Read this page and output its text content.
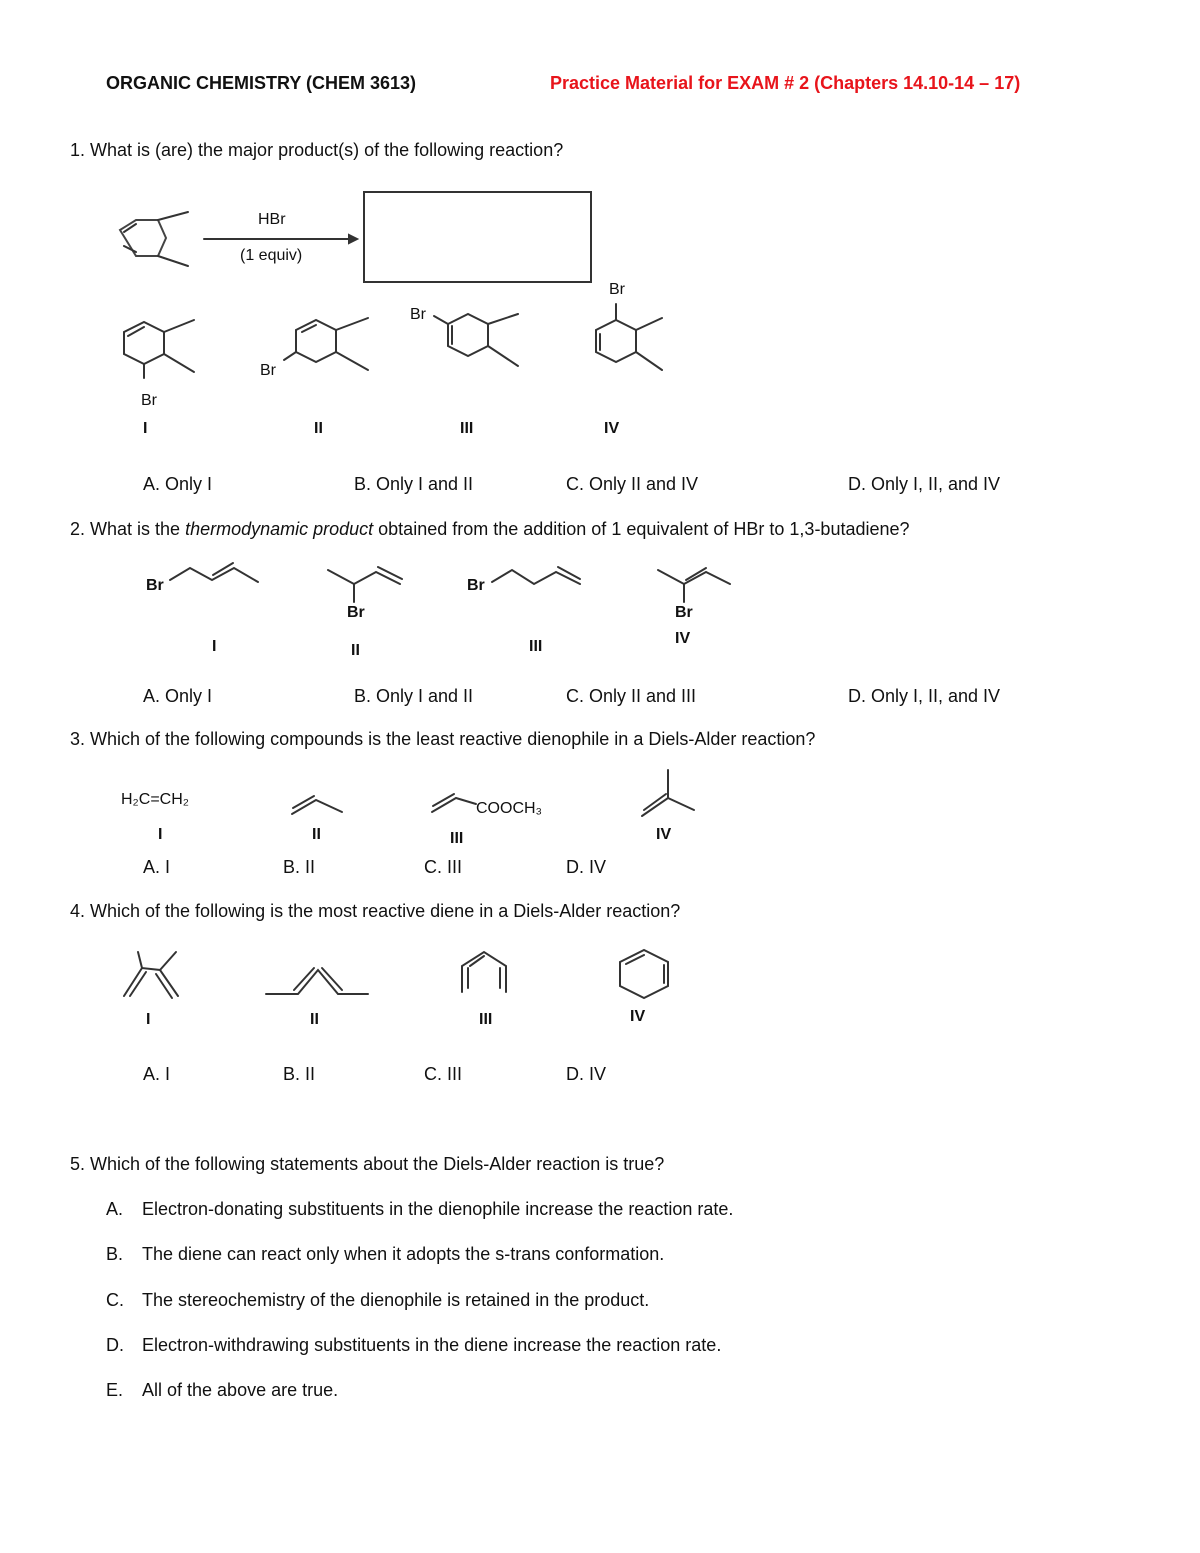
ORGANIC CHEMISTRY (CHEM 3613)	Practice Material for EXAM # 2 (Chapters 14.10-14 – 17)
1. What is (are) the major product(s) of the following reaction?
HBr
(1 equiv)
Br
Br
Br
Br
I	II	III	IV
A. Only I	B. Only I and II	C. Only II and IV	D. Only I, II, and IV
2. What is the thermodynamic product obtained from the addition of 1 equivalent of HBr to 1,3-butadiene?
Br
Br
Br
Br
I	II	III	IV
A. Only I	B. Only I and II	C. Only II and III	D. Only I, II, and IV
3. Which of the following compounds is the least reactive dienophile in a Diels-Alder reaction?
H₂C=CH₂
COOCH₃
I	II	III	IV
A. I	B. II	C. III	D. IV
4. Which of the following is the most reactive diene in a Diels-Alder reaction?
I	II	III	IV
A. I	B. II	C. III	D. IV
5. Which of the following statements about the Diels-Alder reaction is true?
A. Electron-donating substituents in the dienophile increase the reaction rate.
B. The diene can react only when it adopts the s-trans conformation.
C. The stereochemistry of the dienophile is retained in the product.
D. Electron-withdrawing substituents in the diene increase the reaction rate.
E. All of the above are true.
